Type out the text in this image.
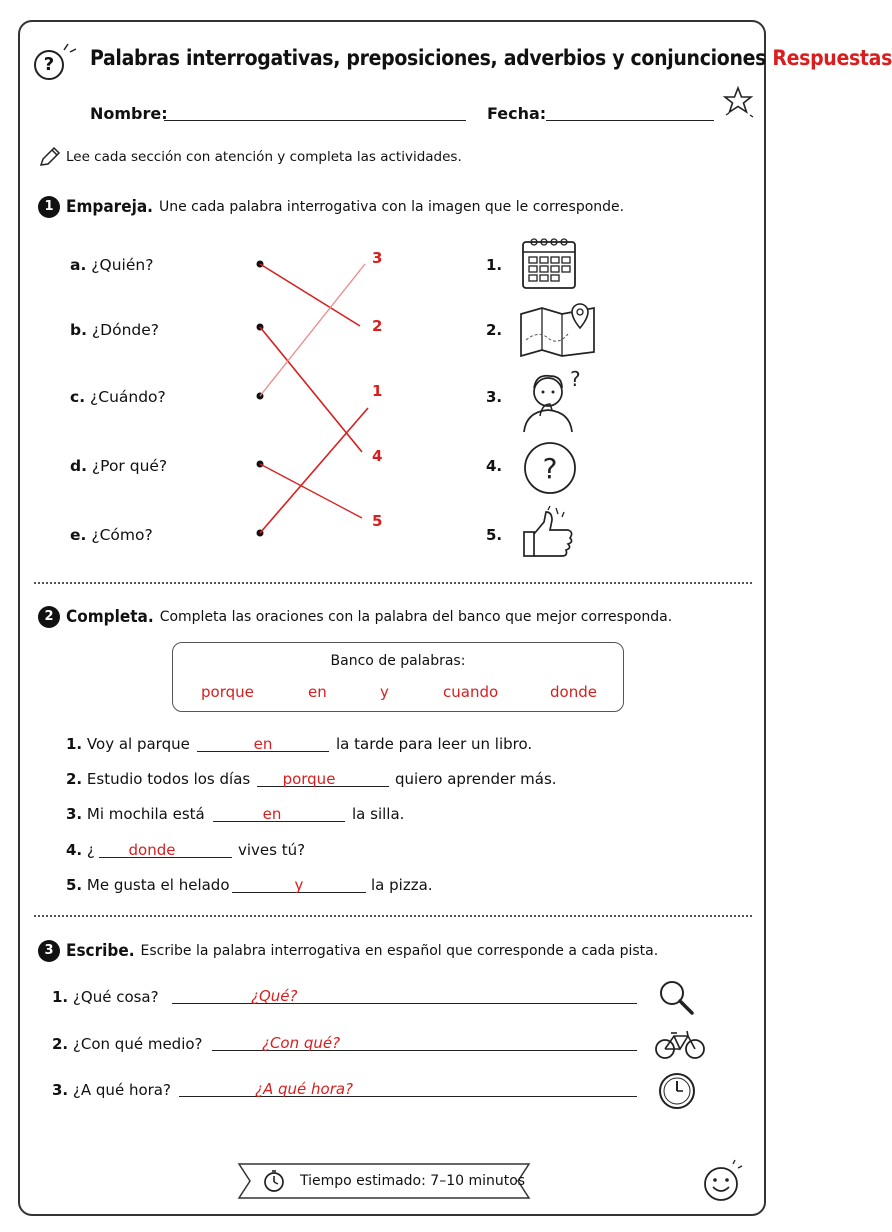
?	Palabras interrogativas, preposiciones, adverbios y conjunciones Respuestas
Nombre:	Fecha:
Lee cada sección con atención y completa las actividades.
1 Empareja. Une cada palabra interrogativa con la imagen que le corresponde.
a. ¿Quién?
b. ¿Dónde?
c. ¿Cuándo?
d. ¿Por qué?
e. ¿Cómo?
3
2
1
4
5
1.
2.
3.
4.
5.
?
?
2 Completa. Completa las oraciones con la palabra del banco que mejor corresponda.
Banco de palabras:
porque	en	y	cuando	donde
1. Voy al parque	en	la tarde para leer un libro.
2. Estudio todos los días	porque	quiero aprender más.
3. Mi mochila está	en	la silla.
4. ¿	donde	vives tú?
5. Me gusta el helado	y	la pizza.
3 Escribe. Escribe la palabra interrogativa en español que corresponde a cada pista.
1. ¿Qué cosa?	¿Qué?
2. ¿Con qué medio?	¿Con qué?
3. ¿A qué hora?	¿A qué hora?
Tiempo estimado: 7–10 minutos
